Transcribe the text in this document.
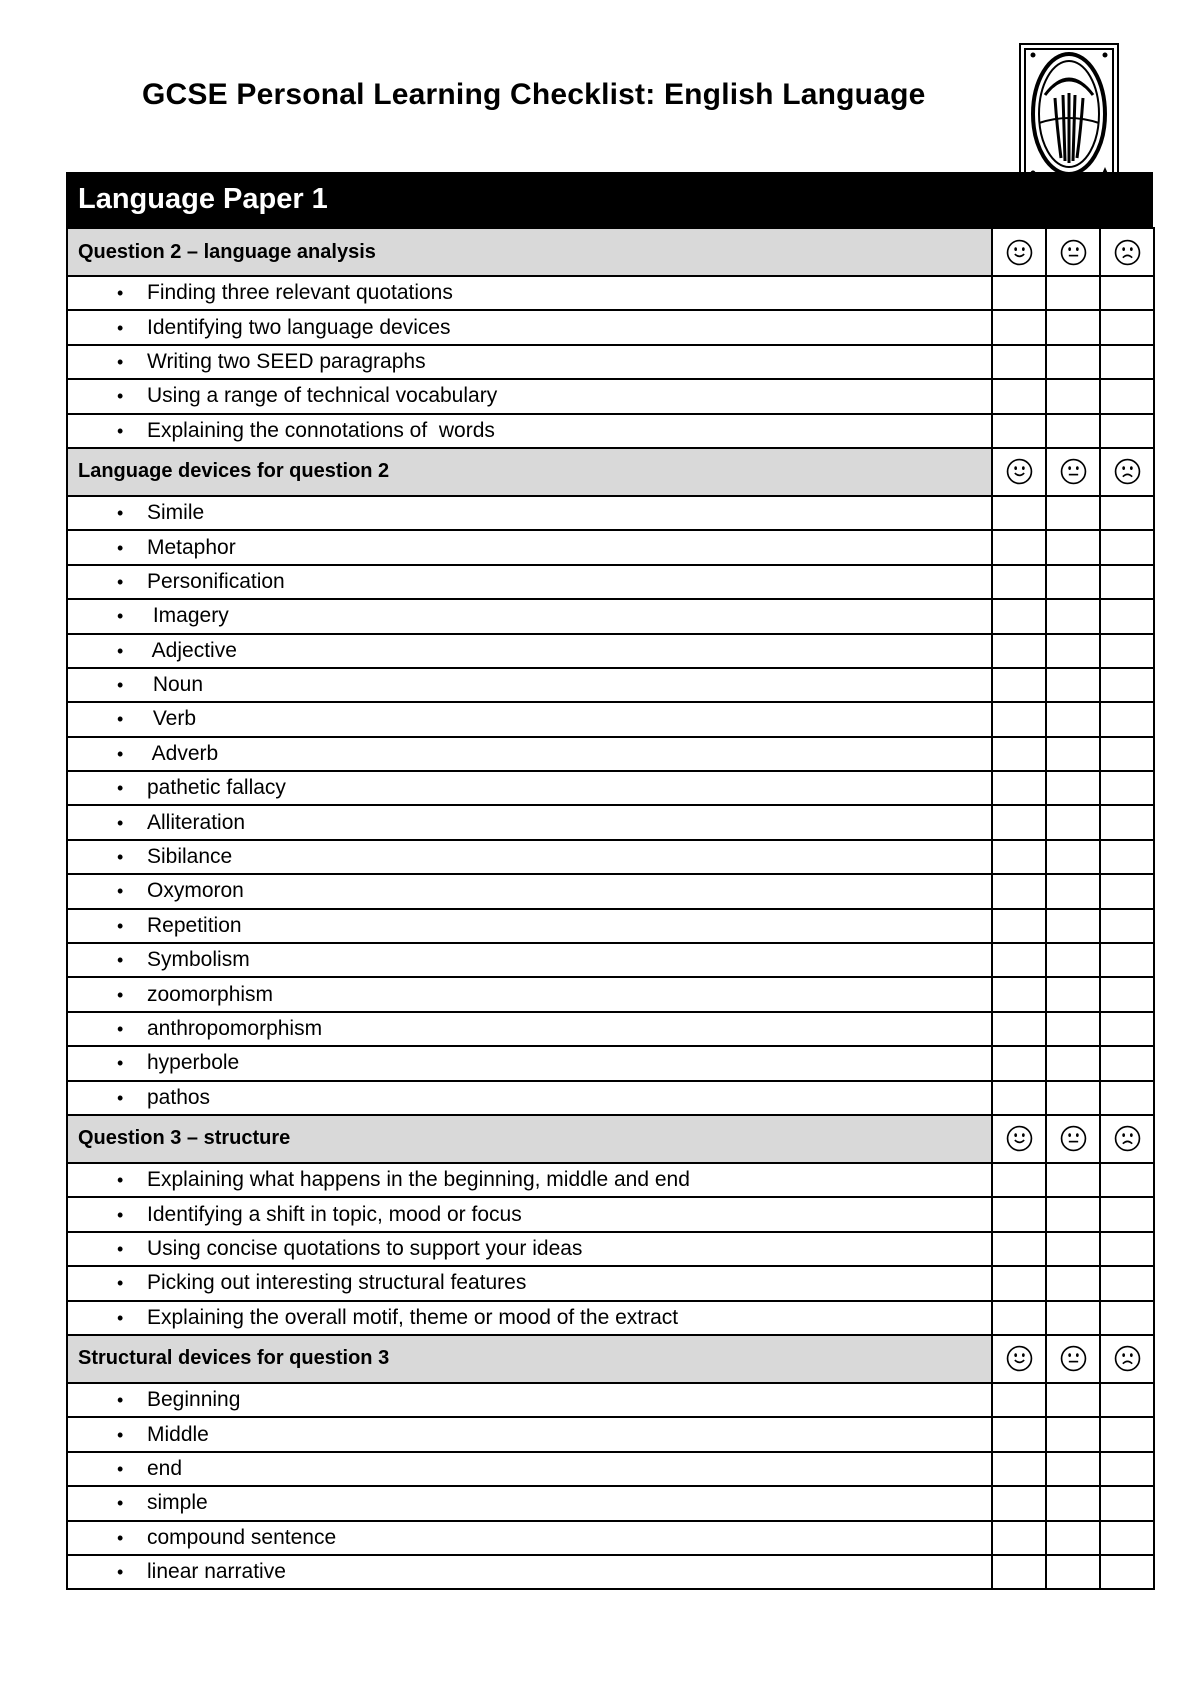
GCSE Personal Learning Checklist: English Language
Language Paper 1
Question 2 – language analysis	

• Finding three relevant quotations			
• Identifying two language devices			
• Writing two SEED paragraphs			
• Using a range of technical vocabulary			
• Explaining the connotations of  words			
Language devices for question 2	

• Simile			
• Metaphor			
• Personification			
• Imagery			
• Adjective			
• Noun			
• Verb			
• Adverb			
• pathetic fallacy			
• Alliteration			
• Sibilance			
• Oxymoron			
• Repetition			
• Symbolism			
• zoomorphism			
• anthropomorphism			
• hyperbole			
• pathos			
Question 3 – structure	

• Explaining what happens in the beginning, middle and end			
• Identifying a shift in topic, mood or focus			
• Using concise quotations to support your ideas			
• Picking out interesting structural features			
• Explaining the overall motif, theme or mood of the extract			
Structural devices for question 3	

• Beginning			
• Middle			
• end			
• simple			
• compound sentence			
• linear narrative			
